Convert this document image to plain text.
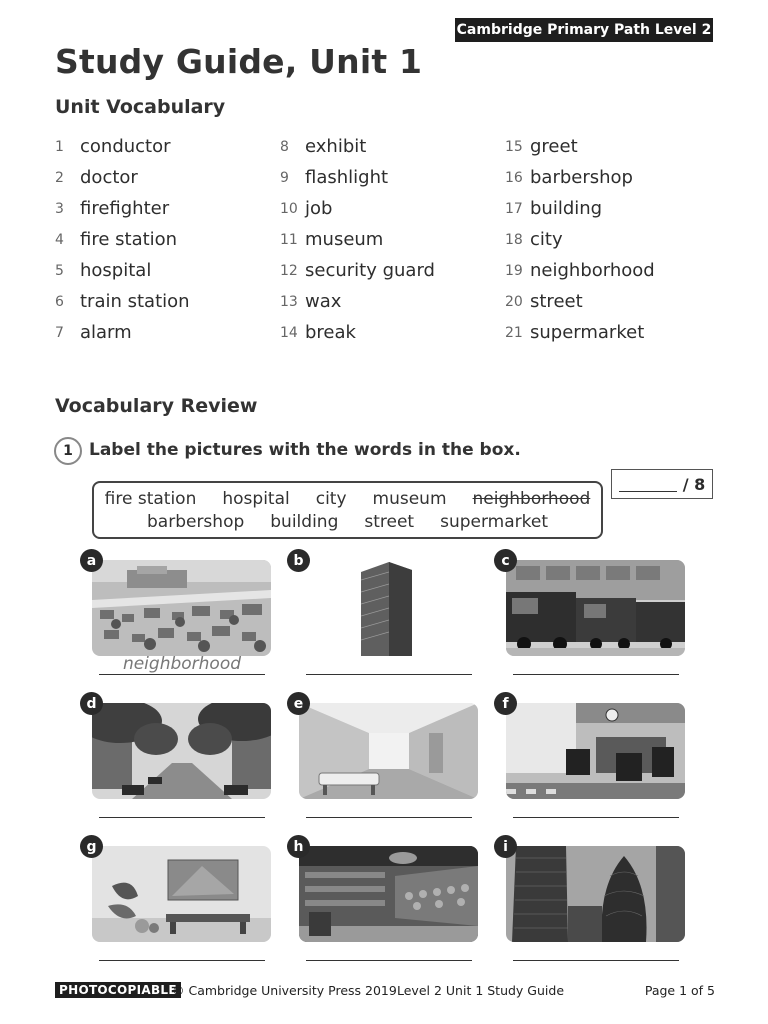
Cambridge Primary Path Level 2
Study Guide, Unit 1
Unit Vocabulary
1 conductor
2 doctor
3 firefighter
4 fire station
5 hospital
6 train station
7 alarm
8 exhibit
9 flashlight
10 job
11 museum
12 security guard
13 wax
14 break
15 greet
16 barbershop
17 building
18 city
19 neighborhood
20 street
21 supermarket
Vocabulary Review
1 Label the pictures with the words in the box.
/ 8
fire station hospital city museum neighborhood
barbershop building street supermarket
a
neighborhood
b	c
d	e	f
g	h	i
PHOTOCOPIABLE
© Cambridge University Press 2019 Level 2 Unit 1 Study Guide	Page 1 of 5
